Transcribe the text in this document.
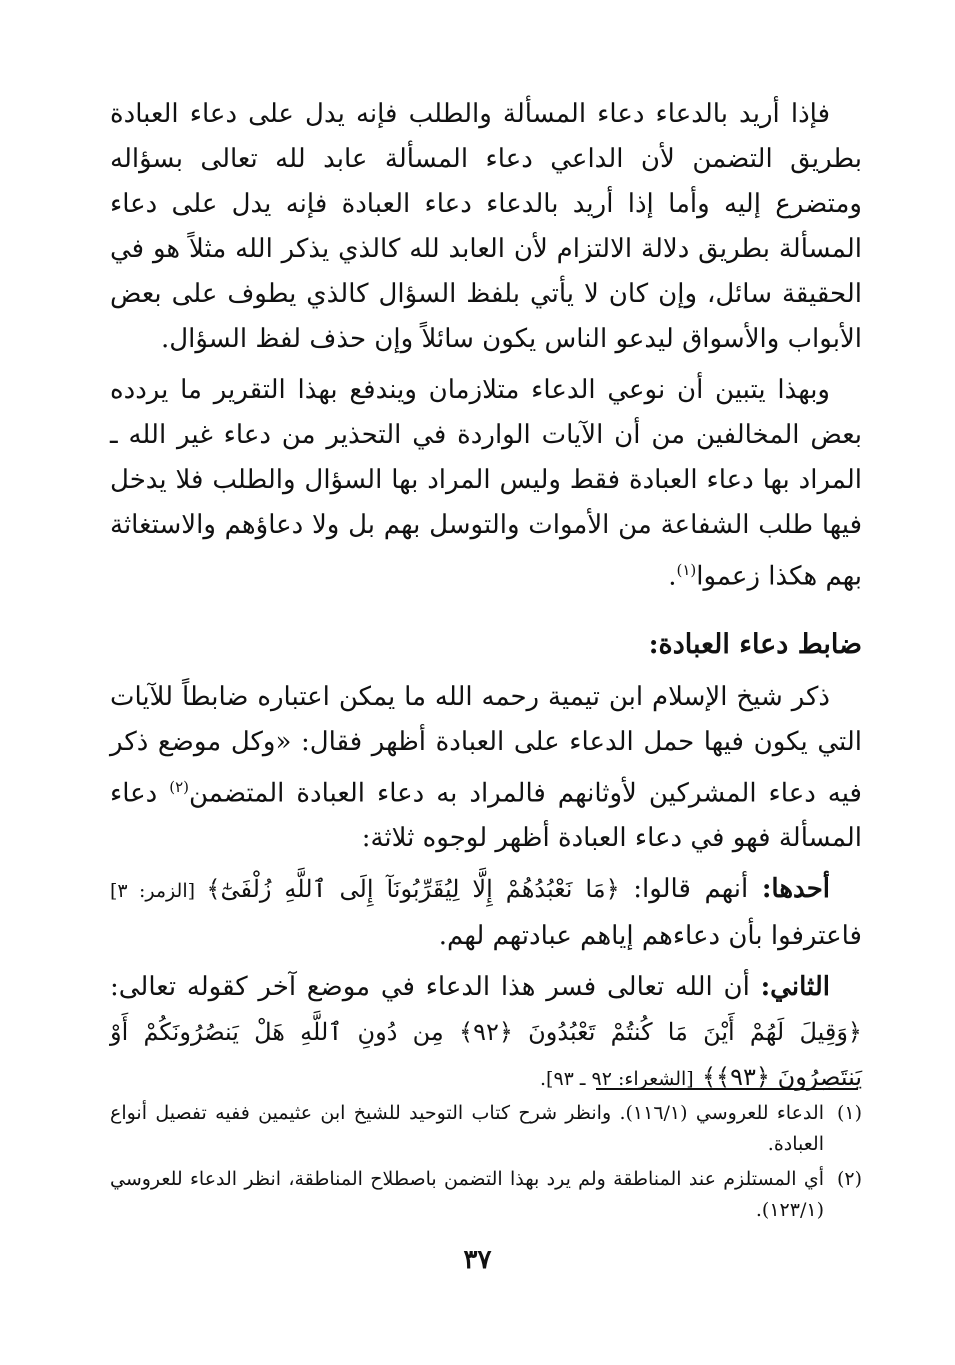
فإذا أريد بالدعاء دعاء المسألة والطلب فإنه يدل على دعاء العبادة بطريق التضمن لأن الداعي دعاء المسألة عابد لله تعالى بسؤاله ومتضرع إليه وأما إذا أريد بالدعاء دعاء العبادة فإنه يدل على دعاء المسألة بطريق دلالة الالتزام لأن العابد لله كالذي يذكر الله مثلاً هو في الحقيقة سائل، وإن كان لا يأتي بلفظ السؤال كالذي يطوف على بعض الأبواب والأسواق ليدعو الناس يكون سائلاً وإن حذف لفظ السؤال.

وبهذا يتبين أن نوعي الدعاء متلازمان ويندفع بهذا التقرير ما يردده بعض المخالفين من أن الآيات الواردة في التحذير من دعاء غير الله ـ المراد بها دعاء العبادة فقط وليس المراد بها السؤال والطلب فلا يدخل فيها طلب الشفاعة من الأموات والتوسل بهم بل ولا دعاؤهم والاستغاثة بهم هكذا زعموا$^{(١)}$.

ضابط دعاء العبادة:

ذكر شيخ الإسلام ابن تيمية رحمه الله ما يمكن اعتباره ضابطاً للآيات التي يكون فيها حمل الدعاء على العبادة أظهر فقال: «وكل موضع ذكر فيه دعاء المشركين لأوثانهم فالمراد به دعاء العبادة المتضمن$^{(٢)}$ دعاء المسألة فهو في دعاء العبادة أظهر لوجوه ثلاثة:

أحدها: أنهم قالوا: ﴿مَا نَعْبُدُهُمْ إِلَّا لِيُقَرِّبُونَآ إِلَى ٱللَّهِ زُلْفَىٰٓ﴾ [الزمر: ٣] فاعترفوا بأن دعاءهم إياهم عبادتهم لهم.

الثاني: أن الله تعالى فسر هذا الدعاء في موضع آخر كقوله تعالى: ﴿وَقِيلَ لَهُمْ أَيْنَ مَا كُنتُمْ تَعْبُدُونَ ﴿٩٢﴾ مِن دُونِ ٱللَّهِ هَلْ يَنصُرُونَكُمْ أَوْ يَنتَصِرُونَ ﴿٩٣﴾﴾ [الشعراء: ٩٢ ـ ٩٣].

(١)
الدعاء للعروسي (١١٦/١). وانظر شرح كتاب التوحيد للشيخ ابن عثيمين ففيه تفصيل أنواع العبادة.
(٢)
أي المستلزم عند المناطقة ولم يرد بهذا التضمن باصطلاح المناطقة، انظر الدعاء للعروسي (١٢٣/١).
٣٧
